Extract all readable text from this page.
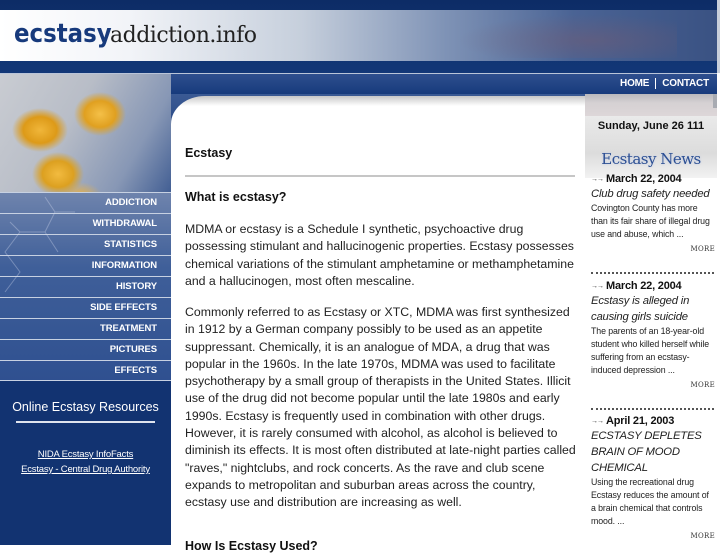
ecstasyaddiction.info
HOME CONTACT
ADDICTION
WITHDRAWAL
STATISTICS
INFORMATION
HISTORY
SIDE EFFECTS
TREATMENT
PICTURES
EFFECTS
Online Ecstasy Resources
NIDA Ecstasy InfoFacts
Ecstasy - Central Drug Authority
Ecstasy
What is ecstasy?

MDMA or ecstasy is a Schedule I synthetic, psychoactive drug possessing stimulant and hallucinogenic properties. Ecstasy possesses chemical variations of the stimulant amphetamine or methamphetamine and a hallucinogen, most often mescaline.

Commonly referred to as Ecstasy or XTC, MDMA was first synthesized in 1912 by a German company possibly to be used as an appetite suppressant. Chemically, it is an analogue of MDA, a drug that was popular in the 1960s. In the late 1970s, MDMA was used to facilitate psychotherapy by a small group of therapists in the United States. Illicit use of the drug did not become popular until the late 1980s and early 1990s. Ecstasy is frequently used in combination with other drugs. However, it is rarely consumed with alcohol, as alcohol is believed to diminish its effects. It is most often distributed at late-night parties called "raves," nightclubs, and rock concerts. As the rave and club scene expands to metropolitan and suburban areas across the country, ecstasy use and distribution are increasing as well.

How Is Ecstasy Used?
Sunday, June 26 111
Ecstasy News
→→ March 22, 2004
Club drug safety needed
Covington County has more than its fair share of illegal drug use and abuse, which ...
MORE
→→ March 22, 2004
Ecstasy is alleged in causing girls suicide
The parents of an 18-year-old student who killed herself while suffering from an ecstasy-induced depression ...
MORE
→→ April 21, 2003
ECSTASY DEPLETES BRAIN OF MOOD CHEMICAL
Using the recreational drug Ecstasy reduces the amount of a brain chemical that controls mood. ...
MORE
